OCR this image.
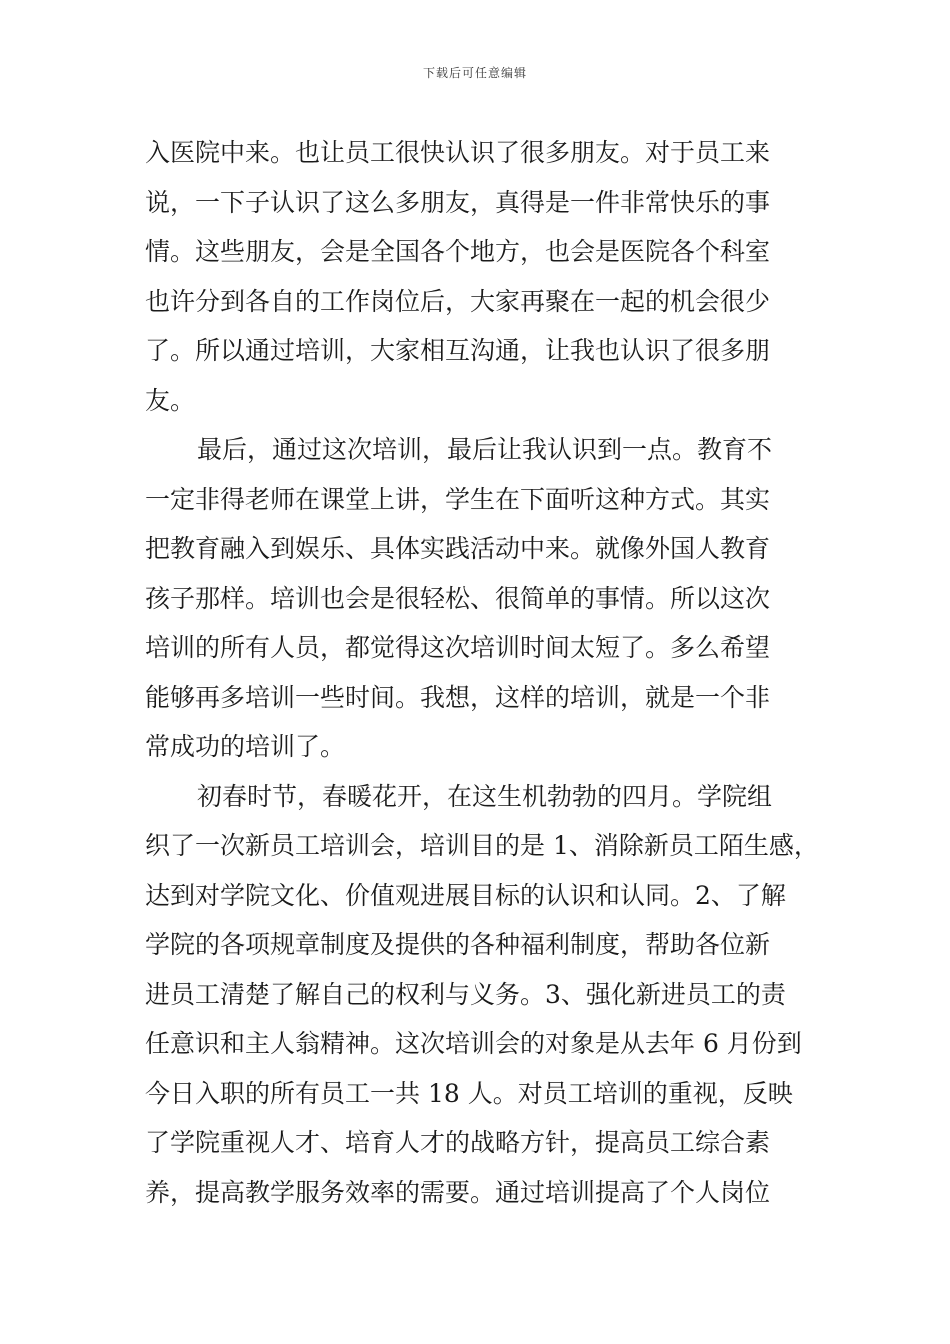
下载后可任意编辑
入医院中来。也让员工很快认识了很多朋友。对于员工来
说，一下子认识了这么多朋友，真得是一件非常快乐的事
情。这些朋友，会是全国各个地方，也会是医院各个科室
也许分到各自的工作岗位后，大家再聚在一起的机会很少
了。所以通过培训，大家相互沟通，让我也认识了很多朋
友。
最后，通过这次培训，最后让我认识到一点。教育不
一定非得老师在课堂上讲，学生在下面听这种方式。其实
把教育融入到娱乐、具体实践活动中来。就像外国人教育
孩子那样。培训也会是很轻松、很简单的事情。所以这次
培训的所有人员，都觉得这次培训时间太短了。多么希望
能够再多培训一些时间。我想，这样的培训，就是一个非
常成功的培训了。
初春时节，春暖花开，在这生机勃勃的四月。学院组
织了一次新员工培训会，培训目的是 1、消除新员工陌生感，
达到对学院文化、价值观进展目标的认识和认同。2、了解
学院的各项规章制度及提供的各种福利制度，帮助各位新
进员工清楚了解自己的权利与义务。3、强化新进员工的责
任意识和主人翁精神。这次培训会的对象是从去年 6 月份到
今日入职的所有员工一共 18 人。对员工培训的重视，反映
了学院重视人才、培育人才的战略方针，提高员工综合素
养，提高教学服务效率的需要。通过培训提高了个人岗位
